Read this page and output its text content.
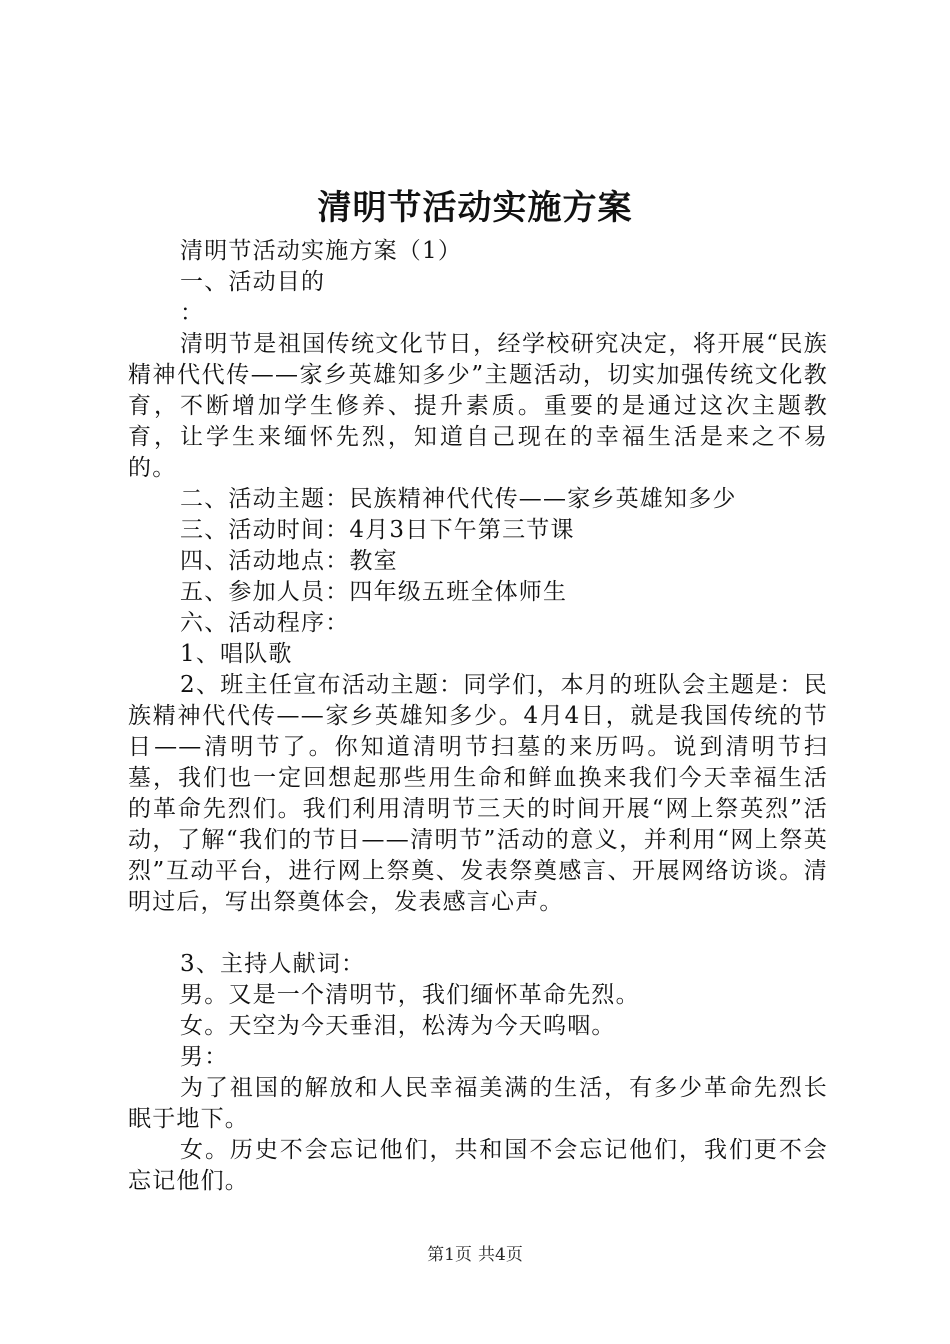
清明节活动实施方案

清明节活动实施方案（1）

一、活动目的

：

清明节是祖国传统文化节日，经学校研究决定，将开展“民族精神代代传——家乡英雄知多少”主题活动，切实加强传统文化教育，不断增加学生修养、提升素质。重要的是通过这次主题教育，让学生来缅怀先烈，知道自己现在的幸福生活是来之不易的。

二、活动主题：民族精神代代传——家乡英雄知多少

三、活动时间：4月3日下午第三节课

四、活动地点：教室

五、参加人员：四年级五班全体师生

六、活动程序：

1、唱队歌

2、班主任宣布活动主题：同学们，本月的班队会主题是：民族精神代代传——家乡英雄知多少。4月4日，就是我国传统的节日——清明节了。你知道清明节扫墓的来历吗。说到清明节扫墓，我们也一定回想起那些用生命和鲜血换来我们今天幸福生活的革命先烈们。我们利用清明节三天的时间开展“网上祭英烈”活动，了解“我们的节日——清明节”活动的意义，并利用“网上祭英烈”互动平台，进行网上祭奠、发表祭奠感言、开展网络访谈。清明过后，写出祭奠体会，发表感言心声。

3、主持人献词：

男。又是一个清明节，我们缅怀革命先烈。

女。天空为今天垂泪，松涛为今天呜咽。

男：

为了祖国的解放和人民幸福美满的生活，有多少革命先烈长眠于地下。

女。历史不会忘记他们，共和国不会忘记他们，我们更不会忘记他们。

第1页 共4页
